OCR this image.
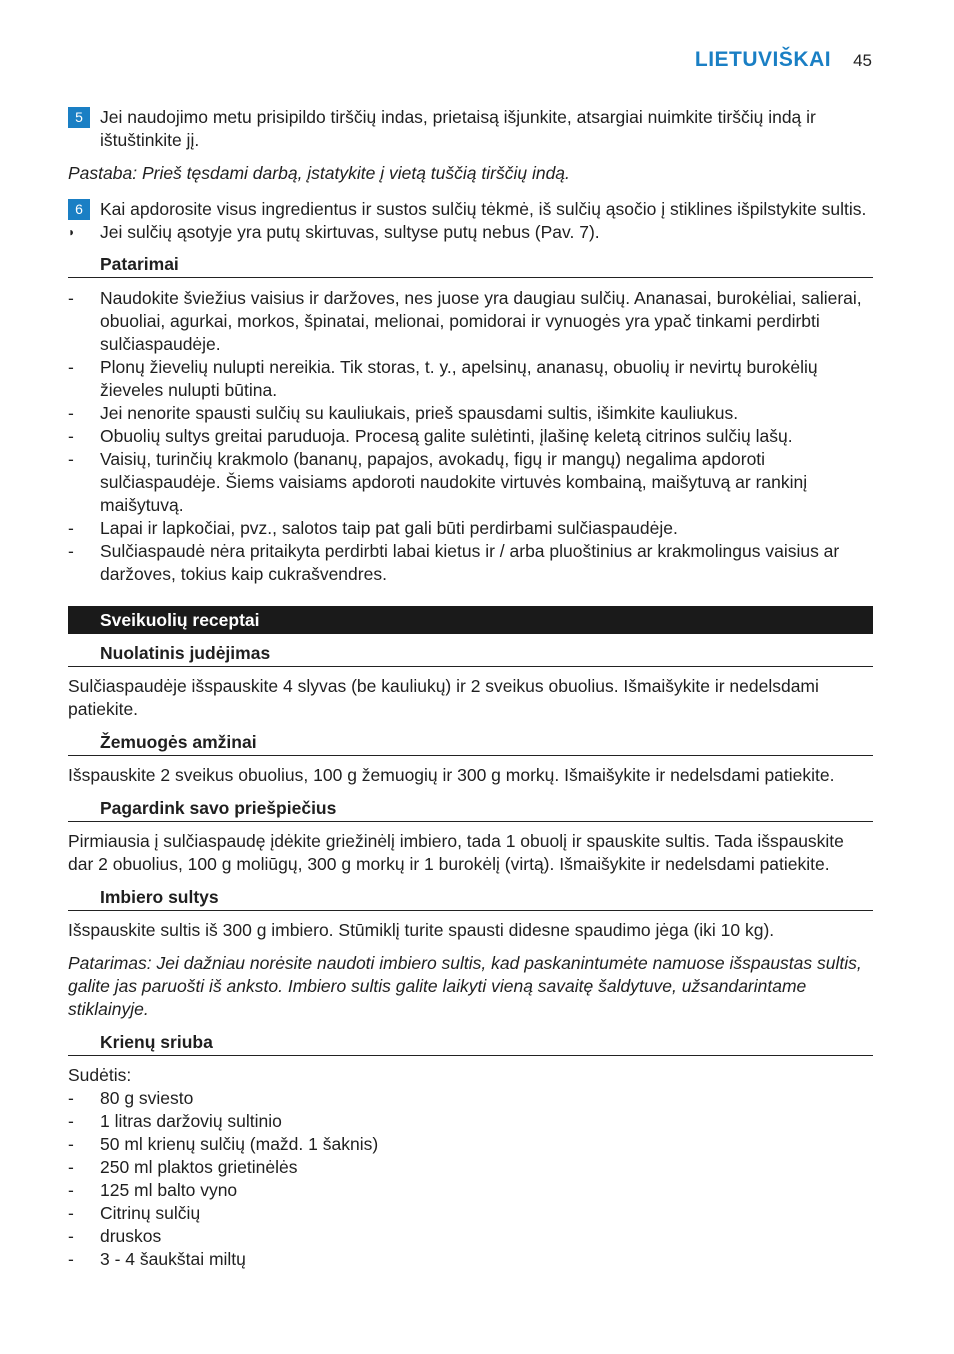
LIETUVIŠKAI 45
5 Jei naudojimo metu prisipildo tirščių indas, prietaisą išjunkite, atsargiai nuimkite tirščių indą ir ištuštinkite jį.
Pastaba: Prieš tęsdami darbą, įstatykite į vietą tuščią tirščių indą.
6 Kai apdorosite visus ingredientus ir sustos sulčių tėkmė, iš sulčių ąsočio į stiklines išpilstykite sultis.
◗	Jei sulčių ąsotyje yra putų skirtuvas, sultyse putų nebus (Pav. 7).
Patarimai
-	Naudokite šviežius vaisius ir daržoves, nes juose yra daugiau sulčių. Ananasai, burokėliai, salierai, obuoliai, agurkai, morkos, špinatai, melionai, pomidorai ir vynuogės yra ypač tinkami perdirbti sulčiaspaudėje.
-	Plonų žievelių nulupti nereikia. Tik storas, t. y., apelsinų, ananasų, obuolių ir nevirtų burokėlių žieveles nulupti būtina.
-	Jei nenorite spausti sulčių su kauliukais, prieš spausdami sultis, išimkite kauliukus.
-	Obuolių sultys greitai paruduoja. Procesą galite sulėtinti, įlašinę keletą citrinos sulčių lašų.
-	Vaisių, turinčių krakmolo (bananų, papajos, avokadų, figų ir mangų) negalima apdoroti sulčiaspaudėje. Šiems vaisiams apdoroti naudokite virtuvės kombainą, maišytuvą ar rankinį maišytuvą.
-	Lapai ir lapkočiai, pvz., salotos taip pat gali būti perdirbami sulčiaspaudėje.
-	Sulčiaspaudė nėra pritaikyta perdirbti labai kietus ir / arba pluoštinius ar krakmolingus vaisius ar daržoves, tokius kaip cukrašvendres.
Sveikuolių receptai
Nuolatinis judėjimas
Sulčiaspaudėje išspauskite 4 slyvas (be kauliukų) ir 2 sveikus obuolius. Išmaišykite ir nedelsdami patiekite.
Žemuogės amžinai
Išspauskite 2 sveikus obuolius, 100 g žemuogių ir 300 g morkų. Išmaišykite ir nedelsdami patiekite.
Pagardink savo priešpiečius
Pirmiausia į sulčiaspaudę įdėkite griežinėlį imbiero, tada 1 obuolį ir spauskite sultis. Tada išspauskite dar 2 obuolius, 100 g moliūgų, 300 g morkų ir 1 burokėlį (virtą). Išmaišykite ir nedelsdami patiekite.
Imbiero sultys
Išspauskite sultis iš 300 g imbiero. Stūmiklį turite spausti didesne spaudimo jėga (iki 10 kg).
Patarimas: Jei dažniau norėsite naudoti imbiero sultis, kad paskanintumėte namuose išspaustas sultis, galite jas paruošti iš anksto. Imbiero sultis galite laikyti vieną savaitę šaldytuve, užsandarintame stiklainyje.
Krienų sriuba
Sudėtis:
-	80 g sviesto
-	1 litras daržovių sultinio
-	50 ml krienų sulčių (mažd. 1 šaknis)
-	250 ml plaktos grietinėlės
-	125 ml balto vyno
-	Citrinų sulčių
-	druskos
-	3 - 4 šaukštai miltų
